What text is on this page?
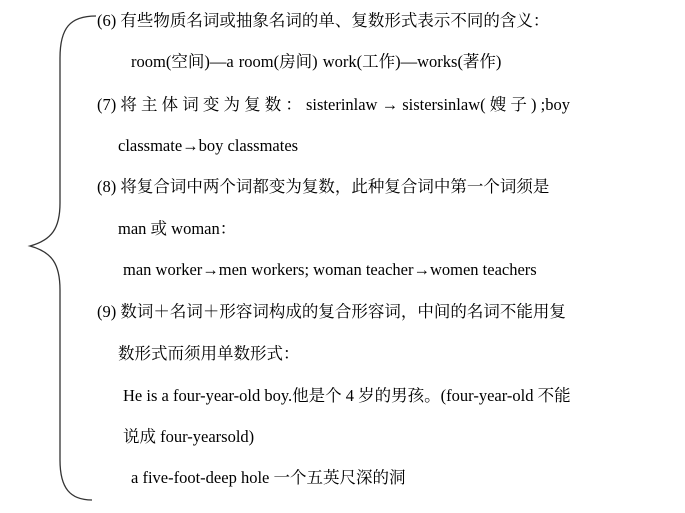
(6) 有些物质名词或抽象名词的单、复数形式表示不同的含义：
room(空间)—a room(房间) work(工作)—works(著作)
(7) 将 主 体 词 变 为 复 数 ： sisterinlaw → sistersinlaw( 嫂 子 ) ;boy
classmate→boy classmates
(8) 将复合词中两个词都变为复数，此种复合词中第一个词须是
man 或 woman：
man worker→men workers; woman teacher→women teachers
(9) 数词＋名词＋形容词构成的复合形容词，中间的名词不能用复
数形式而须用单数形式：
He is a four-year-old boy.他是个 4 岁的男孩。(four-year-old 不能
说成 four-yearsold)
a five-foot-deep hole 一个五英尺深的洞
